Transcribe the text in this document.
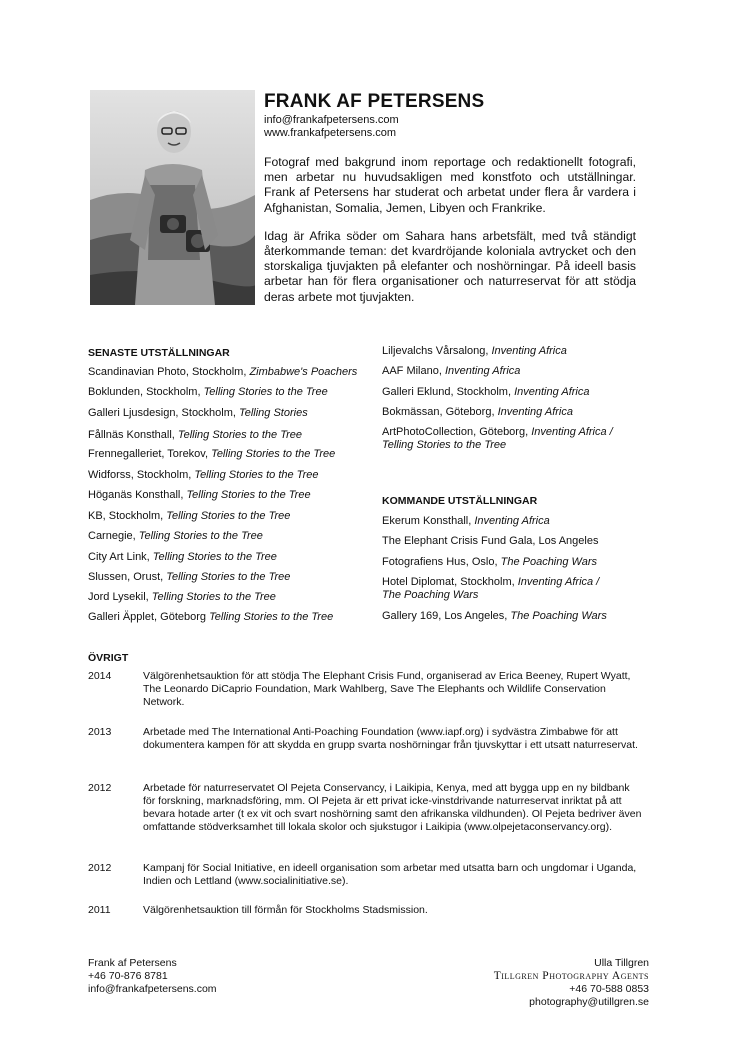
FRANK AF PETERSENS
info@frankafpetersens.com
www.frankafpetersens.com

Fotograf med bakgrund inom reportage och redaktionellt fotografi, men arbetar nu huvudsakligen med konstfoto och utställningar. Frank af Petersens har studerat och arbetat under flera år vardera i Afghanistan, Somalia, Jemen, Libyen och Frankrike.

Idag är Afrika söder om Sahara hans arbetsfält, med två ständigt återkommande teman: det kvardröjande koloniala avtrycket och den storskaliga tjuvjakten på elefanter och noshörningar. På ideell basis arbetar han för flera organisationer och naturreservat för att stödja deras arbete mot tjuvjakten.

SENASTE UTSTÄLLNINGAR
Scandinavian Photo, Stockholm, Zimbabwe's Poachers
Boklunden, Stockholm, Telling Stories to the Tree
Galleri Ljusdesign, Stockholm, Telling Stories
Fållnäs Konsthall, Telling Stories to the Tree
Frennegalleriet, Torekov, Telling Stories to the Tree
Widforss, Stockholm, Telling Stories to the Tree
Höganäs Konsthall, Telling Stories to the Tree
KB, Stockholm, Telling Stories to the Tree
Carnegie, Telling Stories to the Tree
City Art Link, Telling Stories to the Tree
Slussen, Orust, Telling Stories to the Tree
Jord Lysekil, Telling Stories to the Tree
Galleri Äpplet, Göteborg Telling Stories to the Tree
Liljevalchs Vårsalong, Inventing Africa
AAF Milano, Inventing Africa
Galleri Eklund, Stockholm, Inventing Africa
Bokmässan, Göteborg, Inventing Africa
ArtPhotoCollection, Göteborg, Inventing Africa /
Telling Stories to the Tree
KOMMANDE UTSTÄLLNINGAR
Ekerum Konsthall, Inventing Africa
The Elephant Crisis Fund Gala, Los Angeles
Fotografiens Hus, Oslo, The Poaching Wars
Hotel Diplomat, Stockholm, Inventing Africa /
The Poaching Wars
Gallery 169, Los Angeles, The Poaching Wars
ÖVRIGT
2014	Välgörenhetsauktion för att stödja The Elephant Crisis Fund, organiserad av Erica Beeney, Rupert Wyatt, The Leonardo DiCaprio Foundation, Mark Wahlberg, Save The Elephants och Wildlife Conservation Network.
2013	Arbetade med The International Anti-Poaching Foundation (www.iapf.org) i sydvästra Zimbabwe för att dokumentera kampen för att skydda en grupp svarta noshörningar från tjuvskyttar i ett utsatt naturreservat.
2012	Arbetade för naturreservatet Ol Pejeta Conservancy, i Laikipia, Kenya, med att bygga upp en ny bildbank för forskning, marknadsföring, mm. Ol Pejeta är ett privat icke-vinstdrivande naturreservat inriktat på att bevara hotade arter (t ex vit och svart noshörning samt den afrikanska vildhunden). Ol Pejeta bedriver även omfattande stödverksamhet till lokala skolor och sjukstugor i Laikipia (www.olpejetaconservancy.org).
2012	Kampanj för Social Initiative, en ideell organisation som arbetar med utsatta barn och ungdomar i Uganda, Indien och Lettland (www.socialinitiative.se).
2011	Välgörenhetsauktion till förmån för Stockholms Stadsmission.
Frank af Petersens
+46 70-876 8781
info@frankafpetersens.com
Ulla Tillgren
Tillgren Photography Agents
+46 70-588 0853
photography@utillgren.se
